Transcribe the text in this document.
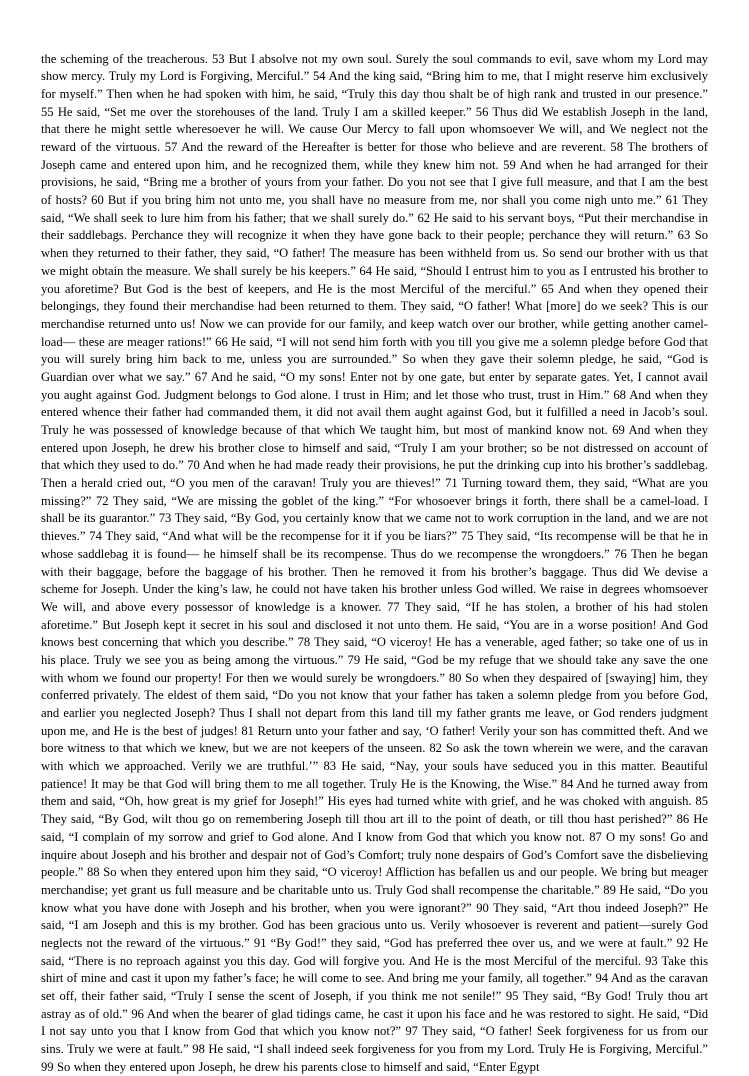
the scheming of the treacherous. 53 But I absolve not my own soul. Surely the soul commands to evil, save whom my Lord may show mercy. Truly my Lord is Forgiving, Merciful.” 54 And the king said, “Bring him to me, that I might reserve him exclusively for myself.” Then when he had spoken with him, he said, “Truly this day thou shalt be of high rank and trusted in our presence.” 55 He said, “Set me over the storehouses of the land. Truly I am a skilled keeper.” 56 Thus did We establish Joseph in the land, that there he might settle wheresoever he will. We cause Our Mercy to fall upon whomsoever We will, and We neglect not the reward of the virtuous. 57 And the reward of the Hereafter is better for those who believe and are reverent. 58 The brothers of Joseph came and entered upon him, and he recognized them, while they knew him not. 59 And when he had arranged for their provisions, he said, “Bring me a brother of yours from your father. Do you not see that I give full measure, and that I am the best of hosts? 60 But if you bring him not unto me, you shall have no measure from me, nor shall you come nigh unto me.” 61 They said, “We shall seek to lure him from his father; that we shall surely do.” 62 He said to his servant boys, “Put their merchandise in their saddlebags. Perchance they will recognize it when they have gone back to their people; perchance they will return.” 63 So when they returned to their father, they said, “O father! The measure has been withheld from us. So send our brother with us that we might obtain the measure. We shall surely be his keepers.” 64 He said, “Should I entrust him to you as I entrusted his brother to you aforetime? But God is the best of keepers, and He is the most Merciful of the merciful.” 65 And when they opened their belongings, they found their merchandise had been returned to them. They said, “O father! What [more] do we seek? This is our merchandise returned unto us! Now we can provide for our family, and keep watch over our brother, while getting another camel-load— these are meager rations!” 66 He said, “I will not send him forth with you till you give me a solemn pledge before God that you will surely bring him back to me, unless you are surrounded.” So when they gave their solemn pledge, he said, “God is Guardian over what we say.” 67 And he said, “O my sons! Enter not by one gate, but enter by separate gates. Yet, I cannot avail you aught against God. Judgment belongs to God alone. I trust in Him; and let those who trust, trust in Him.” 68 And when they entered whence their father had commanded them, it did not avail them aught against God, but it fulfilled a need in Jacob’s soul. Truly he was possessed of knowledge because of that which We taught him, but most of mankind know not. 69 And when they entered upon Joseph, he drew his brother close to himself and said, “Truly I am your brother; so be not distressed on account of that which they used to do.” 70 And when he had made ready their provisions, he put the drinking cup into his brother’s saddlebag. Then a herald cried out, “O you men of the caravan! Truly you are thieves!” 71 Turning toward them, they said, “What are you missing?” 72 They said, “We are missing the goblet of the king.” “For whosoever brings it forth, there shall be a camel-load. I shall be its guarantor.” 73 They said, “By God, you certainly know that we came not to work corruption in the land, and we are not thieves.” 74 They said, “And what will be the recompense for it if you be liars?” 75 They said, “Its recompense will be that he in whose saddlebag it is found— he himself shall be its recompense. Thus do we recompense the wrongdoers.” 76 Then he began with their baggage, before the baggage of his brother. Then he removed it from his brother’s baggage. Thus did We devise a scheme for Joseph. Under the king’s law, he could not have taken his brother unless God willed. We raise in degrees whomsoever We will, and above every possessor of knowledge is a knower. 77 They said, “If he has stolen, a brother of his had stolen aforetime.” But Joseph kept it secret in his soul and disclosed it not unto them. He said, “You are in a worse position! And God knows best concerning that which you describe.” 78 They said, “O viceroy! He has a venerable, aged father; so take one of us in his place. Truly we see you as being among the virtuous.” 79 He said, “God be my refuge that we should take any save the one with whom we found our property! For then we would surely be wrongdoers.” 80 So when they despaired of [swaying] him, they conferred privately. The eldest of them said, “Do you not know that your father has taken a solemn pledge from you before God, and earlier you neglected Joseph? Thus I shall not depart from this land till my father grants me leave, or God renders judgment upon me, and He is the best of judges! 81 Return unto your father and say, ‘O father! Verily your son has committed theft. And we bore witness to that which we knew, but we are not keepers of the unseen. 82 So ask the town wherein we were, and the caravan with which we approached. Verily we are truthful.’” 83 He said, “Nay, your souls have seduced you in this matter. Beautiful patience! It may be that God will bring them to me all together. Truly He is the Knowing, the Wise.” 84 And he turned away from them and said, “Oh, how great is my grief for Joseph!” His eyes had turned white with grief, and he was choked with anguish. 85 They said, “By God, wilt thou go on remembering Joseph till thou art ill to the point of death, or till thou hast perished?” 86 He said, “I complain of my sorrow and grief to God alone. And I know from God that which you know not. 87 O my sons! Go and inquire about Joseph and his brother and despair not of God’s Comfort; truly none despairs of God’s Comfort save the disbelieving people.” 88 So when they entered upon him they said, “O viceroy! Affliction has befallen us and our people. We bring but meager merchandise; yet grant us full measure and be charitable unto us. Truly God shall recompense the charitable.” 89 He said, “Do you know what you have done with Joseph and his brother, when you were ignorant?” 90 They said, “Art thou indeed Joseph?” He said, “I am Joseph and this is my brother. God has been gracious unto us. Verily whosoever is reverent and patient—surely God neglects not the reward of the virtuous.” 91 “By God!” they said, “God has preferred thee over us, and we were at fault.” 92 He said, “There is no reproach against you this day. God will forgive you. And He is the most Merciful of the merciful. 93 Take this shirt of mine and cast it upon my father’s face; he will come to see. And bring me your family, all together.” 94 And as the caravan set off, their father said, “Truly I sense the scent of Joseph, if you think me not senile!” 95 They said, “By God! Truly thou art astray as of old.” 96 And when the bearer of glad tidings came, he cast it upon his face and he was restored to sight. He said, “Did I not say unto you that I know from God that which you know not?” 97 They said, “O father! Seek forgiveness for us from our sins. Truly we were at fault.” 98 He said, “I shall indeed seek forgiveness for you from my Lord. Truly He is Forgiving, Merciful.” 99 So when they entered upon Joseph, he drew his parents close to himself and said, “Enter Egypt
